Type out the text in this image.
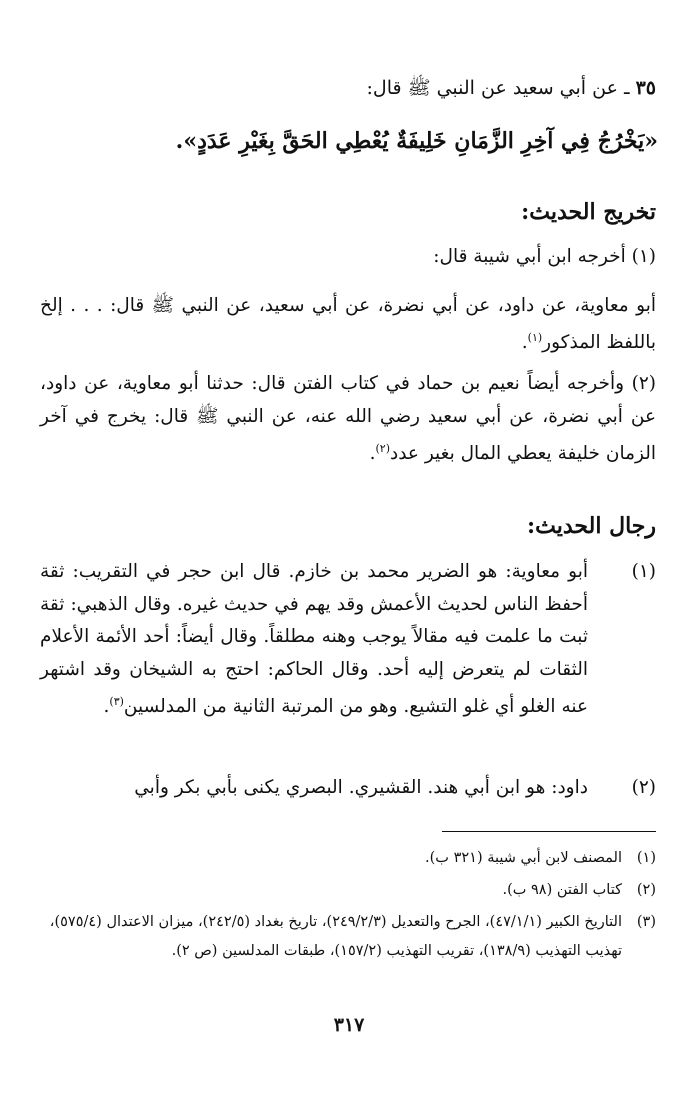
٣٥ ـ عن أبي سعيد عن النبي ﷺ قال:
«يَخْرُجُ فِي آخِرِ الزَّمَانِ خَلِيفَةٌ يُعْطِي الحَقَّ بِغَيْرِ عَدَدٍ».
تخريج الحديث:
(١) أخرجه ابن أبي شيبة قال:
أبو معاوية، عن داود، عن أبي نضرة، عن أبي سعيد، عن النبي ﷺ قال: . . . إلخ باللفظ المذكور$^{(١)}$.
(٢) وأخرجه أيضاً نعيم بن حماد في كتاب الفتن قال: حدثنا أبو معاوية، عن داود، عن أبي نضرة، عن أبي سعيد رضي الله عنه، عن النبي ﷺ قال: يخرج في آخر الزمان خليفة يعطي المال بغير عدد$^{(٢)}$.
رجال الحديث:
(١)
أبو معاوية: هو الضرير محمد بن خازم. قال ابن حجر في التقريب: ثقة أحفظ الناس لحديث الأعمش وقد يهم في حديث غيره. وقال الذهبي: ثقة ثبت ما علمت فيه مقالاً يوجب وهنه مطلقاً. وقال أيضاً: أحد الأئمة الأعلام الثقات لم يتعرض إليه أحد. وقال الحاكم: احتج به الشيخان وقد اشتهر عنه الغلو أي غلو التشيع. وهو من المرتبة الثانية من المدلسين$^{(٣)}$.
(٢)
داود: هو ابن أبي هند. القشيري. البصري يكنى بأبي بكر وأبي
(١)
المصنف لابن أبي شيبة (٣٢١ ب).
(٢)
كتاب الفتن (٩٨ ب).
(٣)
التاريخ الكبير (٤٧/١/١)، الجرح والتعديل (٢٤٩/٢/٣)، تاريخ بغداد (٢٤٢/٥)، ميزان الاعتدال (٥٧٥/٤)، تهذيب التهذيب (١٣٨/٩)، تقريب التهذيب (١٥٧/٢)، طبقات المدلسين (ص ٢).
٣١٧
